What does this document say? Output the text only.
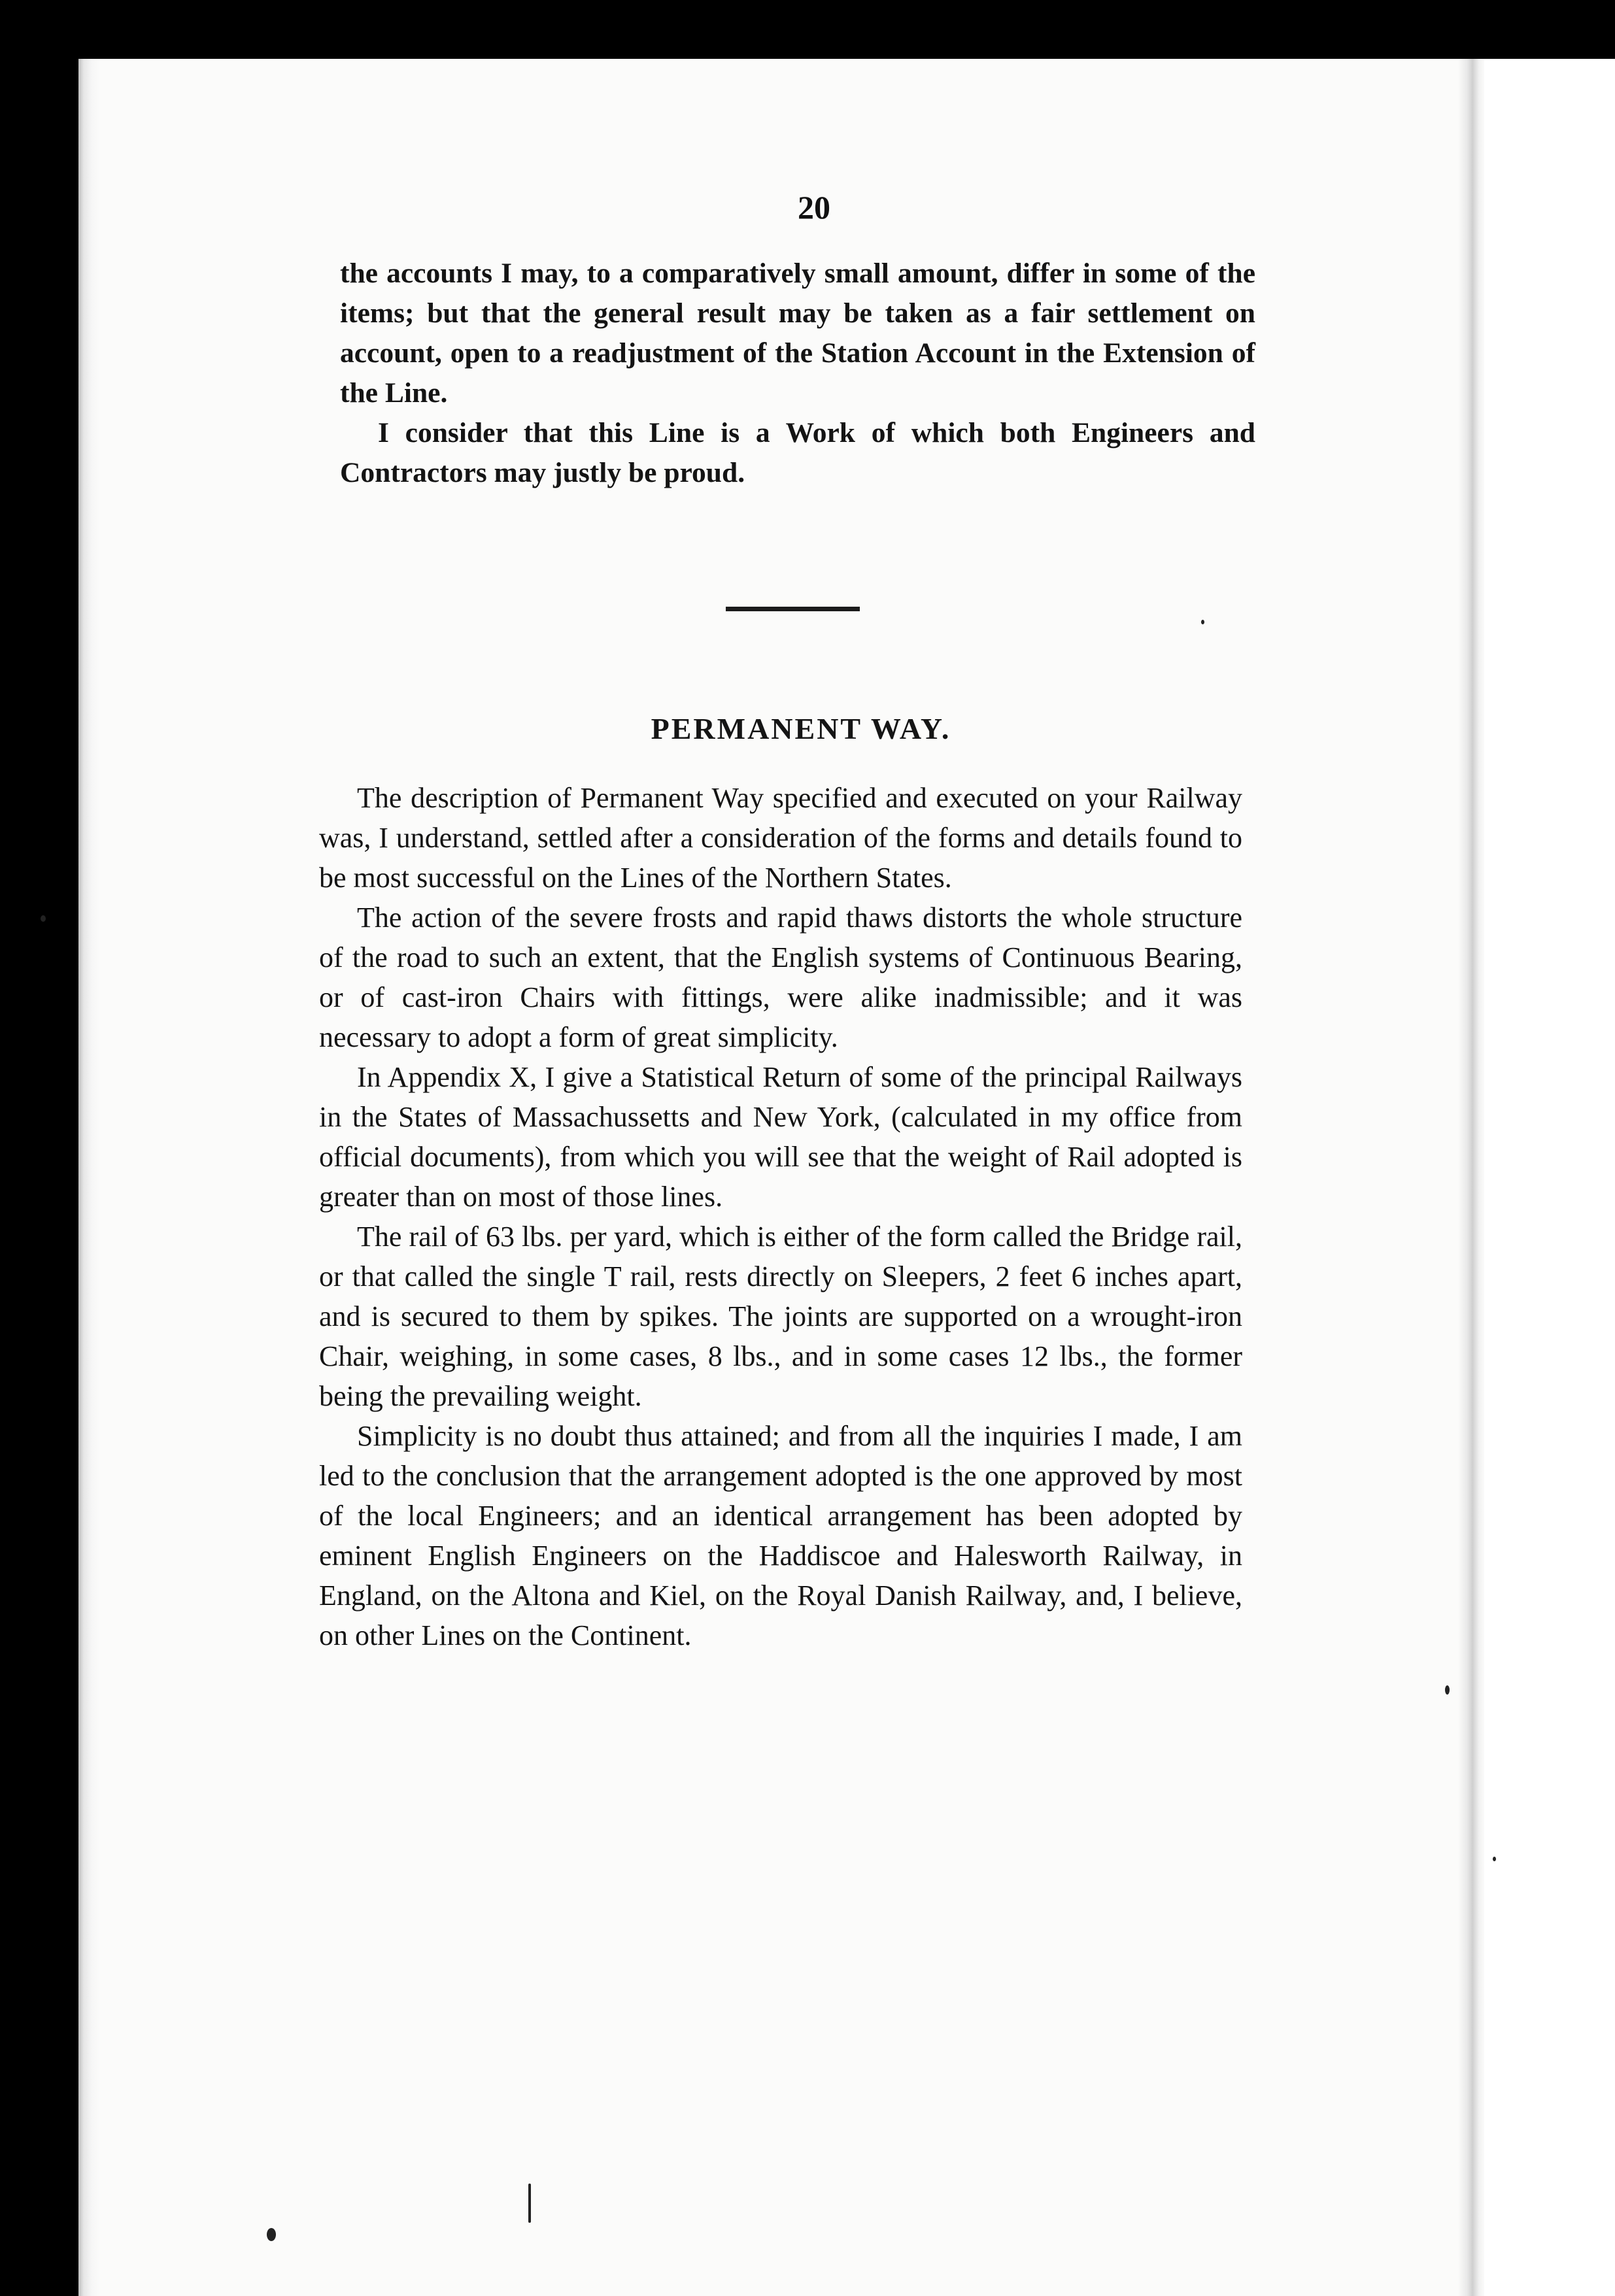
20

the accounts I may, to a comparatively small amount, differ in some of the items; but that the general result may be taken as a fair settlement on account, open to a readjustment of the Station Account in the Extension of the Line.

I consider that this Line is a Work of which both Engineers and Contractors may justly be proud.

PERMANENT WAY.

The description of Permanent Way specified and executed on your Railway was, I understand, settled after a consideration of the forms and details found to be most successful on the Lines of the Northern States.

The action of the severe frosts and rapid thaws distorts the whole structure of the road to such an extent, that the English systems of Continuous Bearing, or of cast-iron Chairs with fittings, were alike inadmissible; and it was necessary to adopt a form of great simplicity.

In Appendix X, I give a Statistical Return of some of the principal Railways in the States of Massachussetts and New York, (calculated in my office from official documents), from which you will see that the weight of Rail adopted is greater than on most of those lines.

The rail of 63 lbs. per yard, which is either of the form called the Bridge rail, or that called the single T rail, rests directly on Sleepers, 2 feet 6 inches apart, and is secured to them by spikes. The joints are supported on a wrought-iron Chair, weighing, in some cases, 8 lbs., and in some cases 12 lbs., the former being the prevailing weight.

Simplicity is no doubt thus attained; and from all the inquiries I made, I am led to the conclusion that the arrangement adopted is the one approved by most of the local Engineers; and an identical arrangement has been adopted by eminent English Engineers on the Haddiscoe and Halesworth Railway, in England, on the Altona and Kiel, on the Royal Danish Railway, and, I believe, on other Lines on the Continent.
